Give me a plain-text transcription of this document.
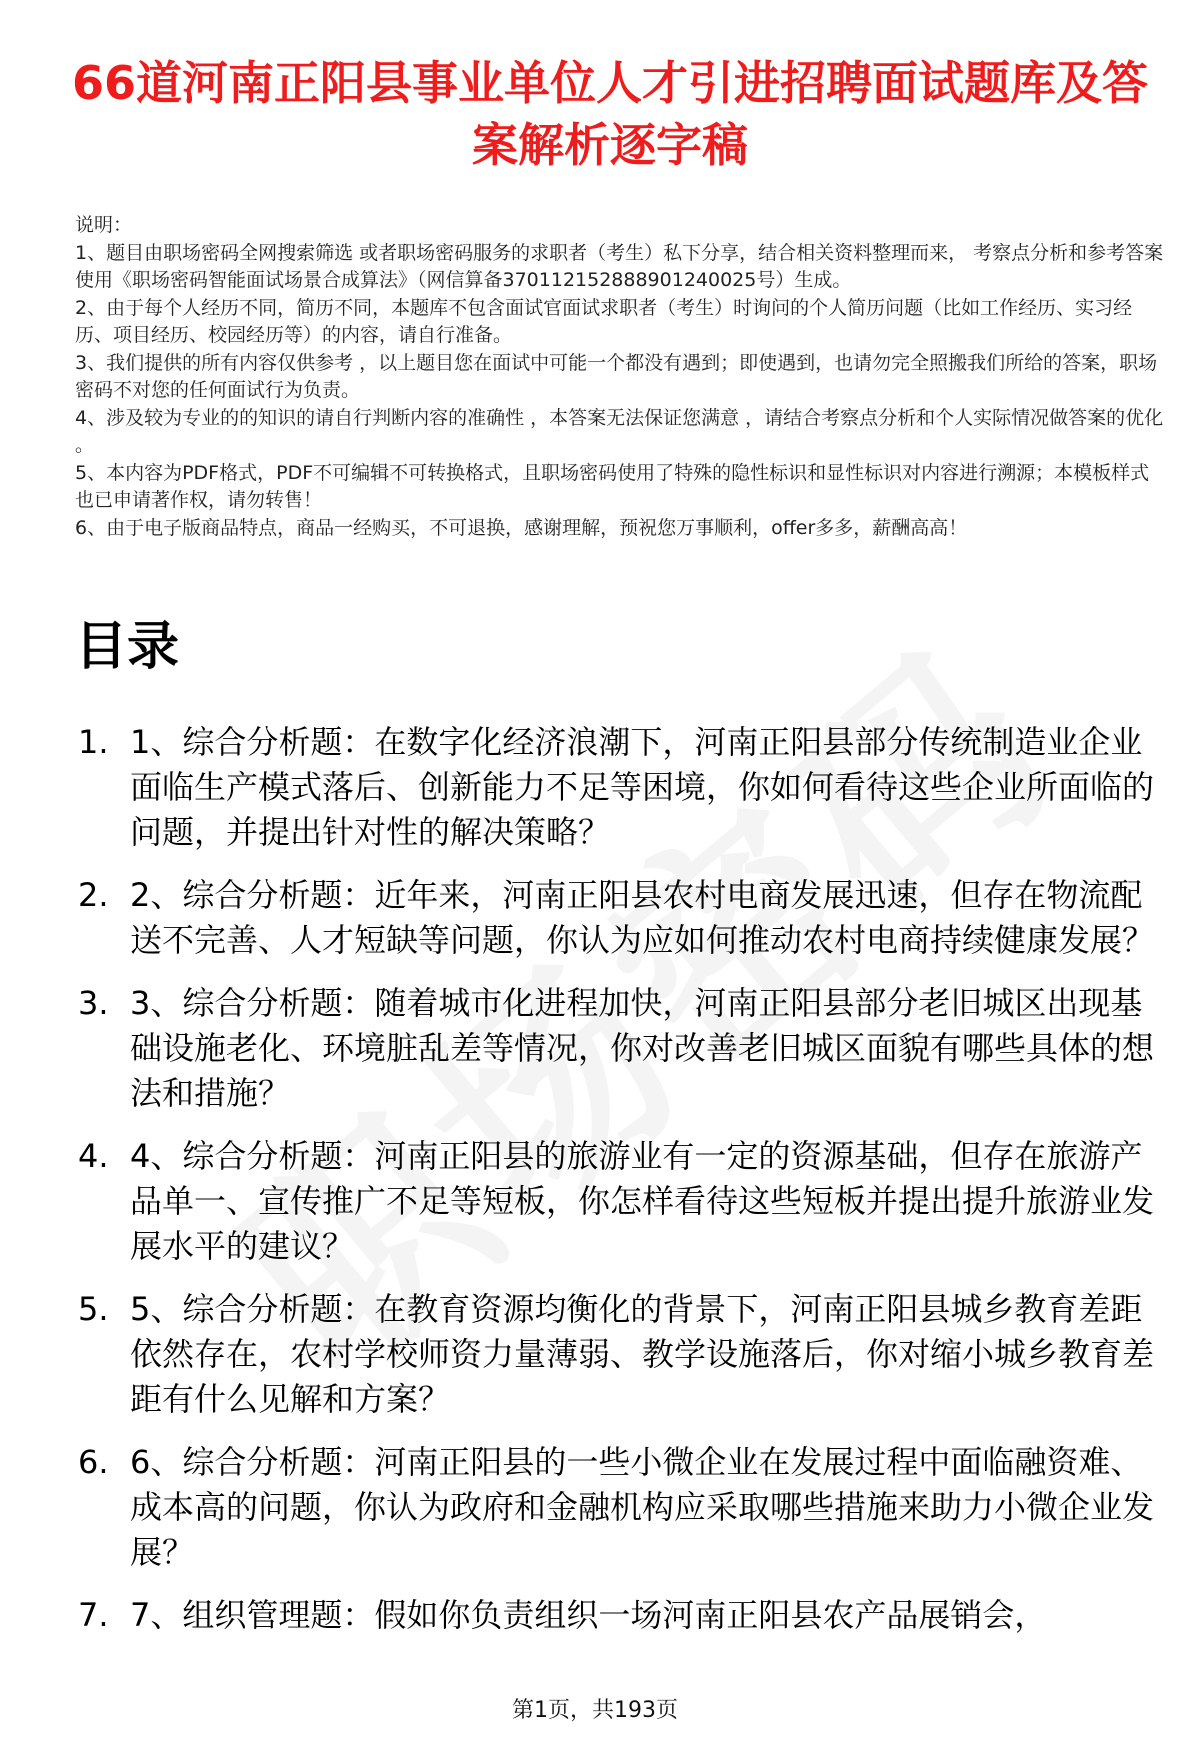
66道河南正阳县事业单位人才引进招聘面试题库及答案解析逐字稿

说明：

1、题目由职场密码全网搜索筛选 或者职场密码服务的求职者（考生）私下分享，结合相关资料整理而来， 考察点分析和参考答案使用《职场密码智能面试场景合成算法》（网信算备370112152888901240025号）生成。

2、由于每个人经历不同，简历不同，本题库不包含面试官面试求职者（考生）时询问的个人简历问题（比如工作经历、实习经历、项目经历、校园经历等）的内容，请自行准备。

3、我们提供的所有内容仅供参考 ，以上题目您在面试中可能一个都没有遇到；即使遇到，也请勿完全照搬我们所给的答案，职场密码不对您的任何面试行为负责。

4、涉及较为专业的的知识的请自行判断内容的准确性 ，本答案无法保证您满意 ，请结合考察点分析和个人实际情况做答案的优化 。

5、本内容为PDF格式，PDF不可编辑不可转换格式，且职场密码使用了特殊的隐性标识和显性标识对内容进行溯源；本模板样式也已申请著作权，请勿转售！

6、由于电子版商品特点，商品一经购买，不可退换，感谢理解，预祝您万事顺利，offer多多，薪酬高高！

目录
1. 1、综合分析题：在数字化经济浪潮下，河南正阳县部分传统制造业企业面临生产模式落后、创新能力不足等困境，你如何看待这些企业所面临的问题，并提出针对性的解决策略？
2. 2、综合分析题：近年来，河南正阳县农村电商发展迅速，但存在物流配送不完善、人才短缺等问题，你认为应如何推动农村电商持续健康发展？
3. 3、综合分析题：随着城市化进程加快，河南正阳县部分老旧城区出现基础设施老化、环境脏乱差等情况，你对改善老旧城区面貌有哪些具体的想法和措施？
4. 4、综合分析题：河南正阳县的旅游业有一定的资源基础，但存在旅游产品单一、宣传推广不足等短板，你怎样看待这些短板并提出提升旅游业发展水平的建议？
5. 5、综合分析题：在教育资源均衡化的背景下，河南正阳县城乡教育差距依然存在，农村学校师资力量薄弱、教学设施落后，你对缩小城乡教育差距有什么见解和方案？
6. 6、综合分析题：河南正阳县的一些小微企业在发展过程中面临融资难、成本高的问题，你认为政府和金融机构应采取哪些措施来助力小微企业发展？
7. 7、组织管理题：假如你负责组织一场河南正阳县农产品展销会，
第1页，共193页
